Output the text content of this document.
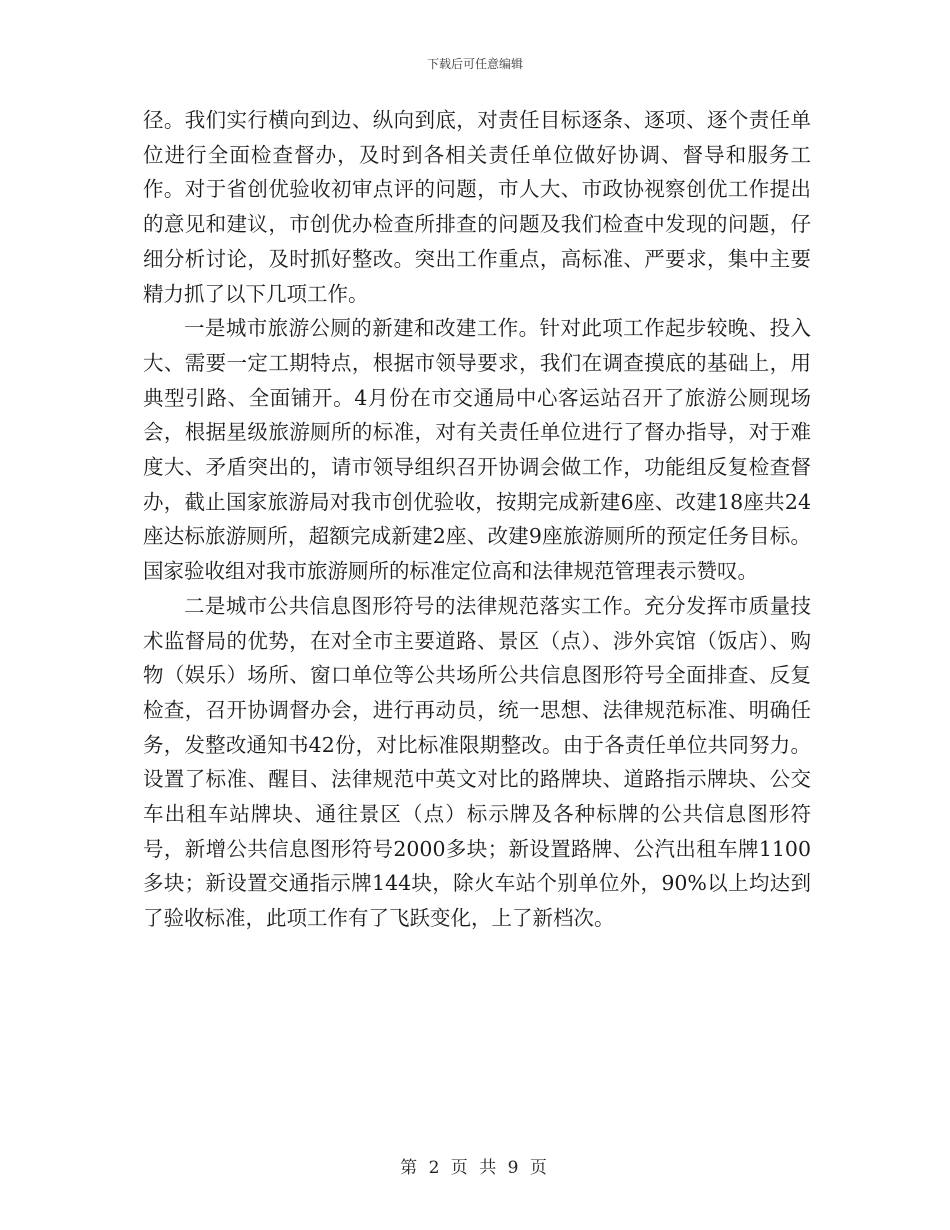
下载后可任意编辑

径。我们实行横向到边、纵向到底，对责任目标逐条、逐项、逐个责任单位进行全面检查督办，及时到各相关责任单位做好协调、督导和服务工作。对于省创优验收初审点评的问题，市人大、市政协视察创优工作提出的意见和建议，市创优办检查所排查的问题及我们检查中发现的问题，仔细分析讨论，及时抓好整改。突出工作重点，高标准、严要求，集中主要精力抓了以下几项工作。

一是城市旅游公厕的新建和改建工作。针对此项工作起步较晚、投入大、需要一定工期特点，根据市领导要求，我们在调查摸底的基础上，用典型引路、全面铺开。4月份在市交通局中心客运站召开了旅游公厕现场会，根据星级旅游厕所的标准，对有关责任单位进行了督办指导，对于难度大、矛盾突出的，请市领导组织召开协调会做工作，功能组反复检查督办，截止国家旅游局对我市创优验收，按期完成新建6座、改建18座共24座达标旅游厕所，超额完成新建2座、改建9座旅游厕所的预定任务目标。国家验收组对我市旅游厕所的标准定位高和法律规范管理表示赞叹。

二是城市公共信息图形符号的法律规范落实工作。充分发挥市质量技术监督局的优势，在对全市主要道路、景区（点）、涉外宾馆（饭店）、购物（娱乐）场所、窗口单位等公共场所公共信息图形符号全面排查、反复检查，召开协调督办会，进行再动员，统一思想、法律规范标准、明确任务，发整改通知书42份，对比标准限期整改。由于各责任单位共同努力。设置了标准、醒目、法律规范中英文对比的路牌块、道路指示牌块、公交车出租车站牌块、通往景区（点）标示牌及各种标牌的公共信息图形符号，新增公共信息图形符号2000多块；新设置路牌、公汽出租车牌1100多块；新设置交通指示牌144块，除火车站个别单位外，90%以上均达到了验收标准，此项工作有了飞跃变化，上了新档次。

第 2 页 共 9 页
